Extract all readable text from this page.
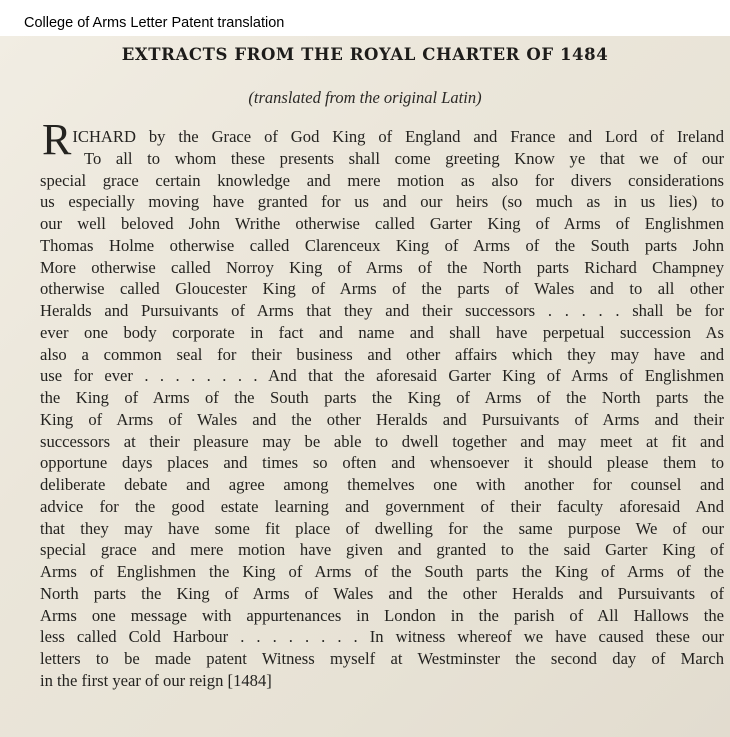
College of Arms Letter Patent translation
EXTRACTS FROM THE ROYAL CHARTER OF 1484
(translated from the original Latin)
RICHARD by the Grace of God King of England and France and Lord of Ireland
To all to whom these presents shall come greeting Know ye that we of our
special grace certain knowledge and mere motion as also for divers considerations
us especially moving have granted for us and our heirs (so much as in us lies) to
our well beloved John Writhe otherwise called Garter King of Arms of Englishmen
Thomas Holme otherwise called Clarenceux King of Arms of the South parts John
More otherwise called Norroy King of Arms of the North parts Richard Champney
otherwise called Gloucester King of Arms of the parts of Wales and to all other
Heralds and Pursuivants of Arms that they and their successors . . . . . shall be for
ever one body corporate in fact and name and shall have perpetual succession As
also a common seal for their business and other affairs which they may have and
use for ever . . . . . . . . And that the aforesaid Garter King of Arms of Englishmen
the King of Arms of the South parts the King of Arms of the North parts the
King of Arms of Wales and the other Heralds and Pursuivants of Arms and their
successors at their pleasure may be able to dwell together and may meet at fit and
opportune days places and times so often and whensoever it should please them to
deliberate debate and agree among themelves one with another for counsel and
advice for the good estate learning and government of their faculty aforesaid And
that they may have some fit place of dwelling for the same purpose We of our
special grace and mere motion have given and granted to the said Garter King of
Arms of Englishmen the King of Arms of the South parts the King of Arms of the
North parts the King of Arms of Wales and the other Heralds and Pursuivants of
Arms one message with appurtenances in London in the parish of All Hallows the
less called Cold Harbour . . . . . . . . In witness whereof we have caused these our
letters to be made patent Witness myself at Westminster the second day of March
in the first year of our reign [1484]
